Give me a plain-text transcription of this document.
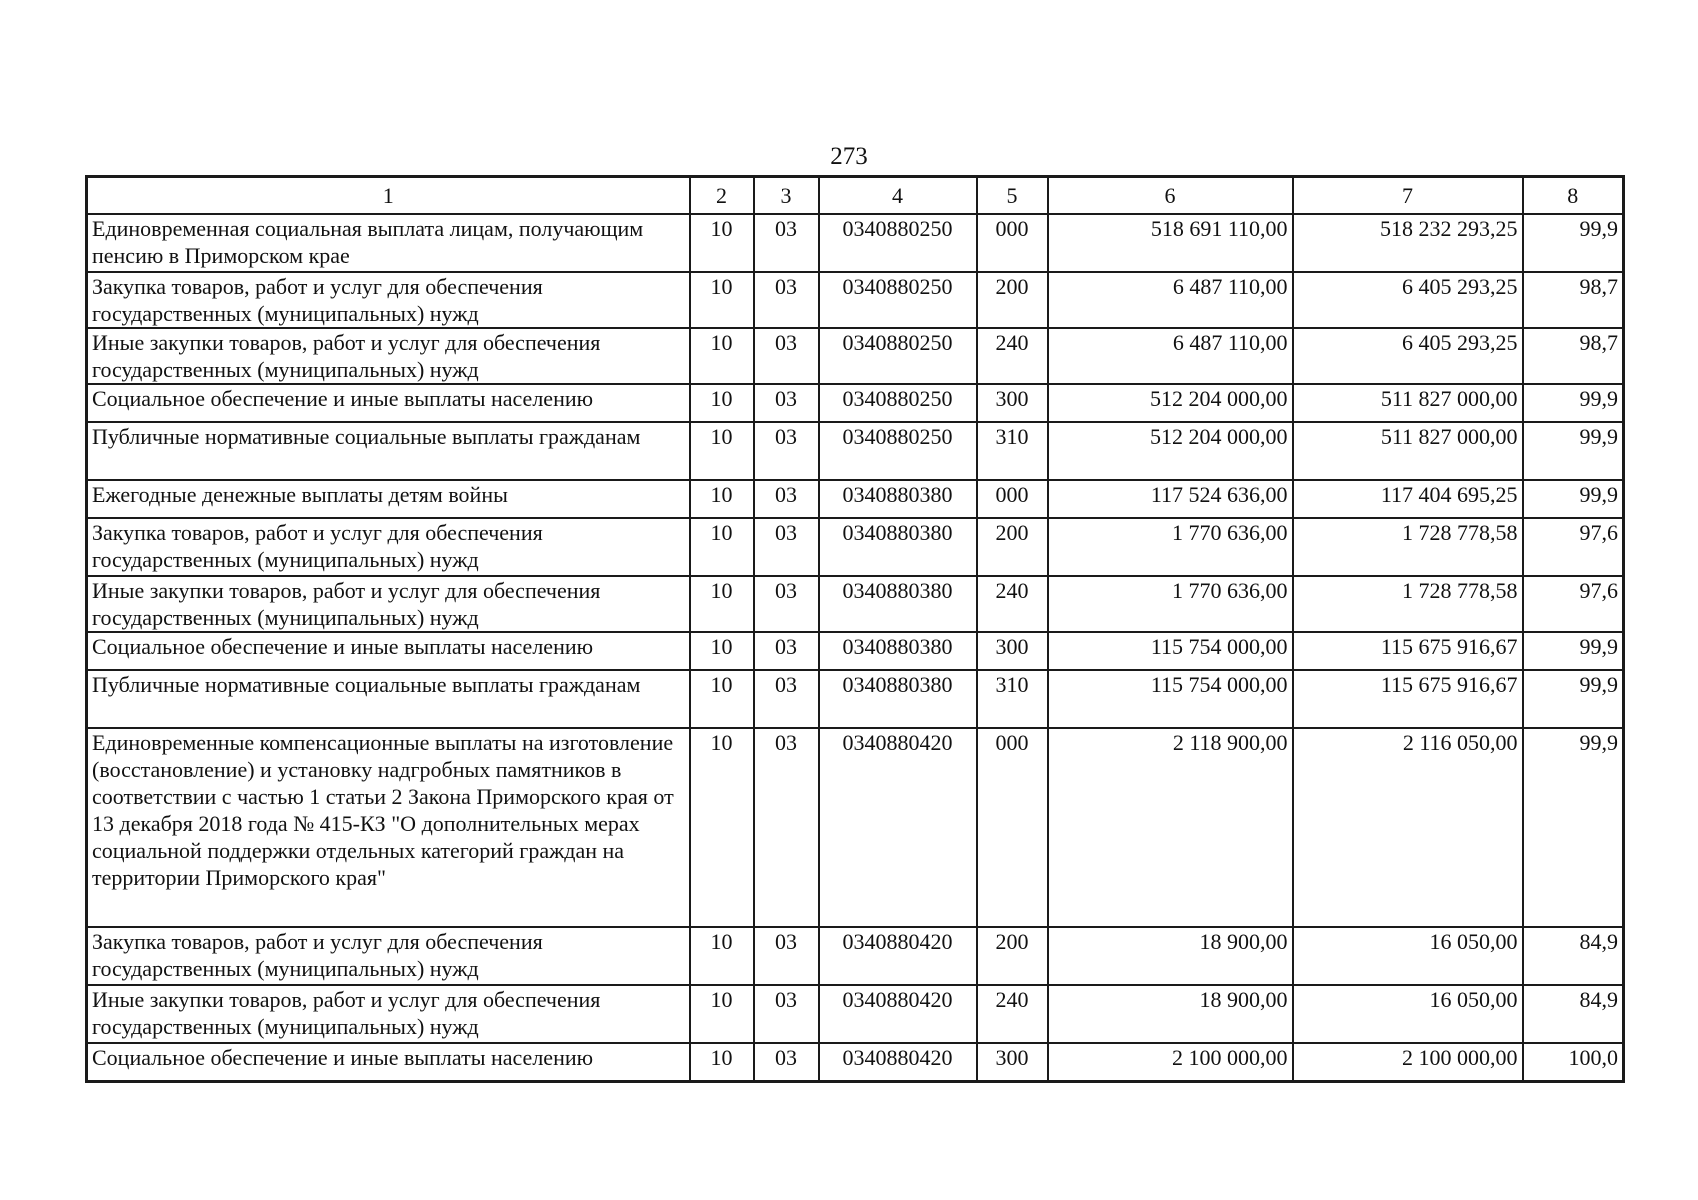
273
1	2	3	4	5	6	7	8
Единовременная социальная выплата лицам, получающим пенсию в Приморском крае	10	03	0340880250	000	518 691 110,00	518 232 293,25	99,9
Закупка товаров, работ и услуг для обеспечения государственных (муниципальных) нужд	10	03	0340880250	200	6 487 110,00	6 405 293,25	98,7
Иные закупки товаров, работ и услуг для обеспечения государственных (муниципальных) нужд	10	03	0340880250	240	6 487 110,00	6 405 293,25	98,7
Социальное обеспечение и иные выплаты населению	10	03	0340880250	300	512 204 000,00	511 827 000,00	99,9
Публичные нормативные социальные выплаты гражданам	10	03	0340880250	310	512 204 000,00	511 827 000,00	99,9
Ежегодные денежные выплаты детям войны	10	03	0340880380	000	117 524 636,00	117 404 695,25	99,9
Закупка товаров, работ и услуг для обеспечения государственных (муниципальных) нужд	10	03	0340880380	200	1 770 636,00	1 728 778,58	97,6
Иные закупки товаров, работ и услуг для обеспечения государственных (муниципальных) нужд	10	03	0340880380	240	1 770 636,00	1 728 778,58	97,6
Социальное обеспечение и иные выплаты населению	10	03	0340880380	300	115 754 000,00	115 675 916,67	99,9
Публичные нормативные социальные выплаты гражданам	10	03	0340880380	310	115 754 000,00	115 675 916,67	99,9
Единовременные компенсационные выплаты на изготовление (восстановление) и установку надгробных памятников в соответствии с частью 1 статьи 2 Закона Приморского края от 13 декабря 2018 года № 415-КЗ "О дополнительных мерах социальной поддержки отдельных категорий граждан на территории Приморского края"	10	03	0340880420	000	2 118 900,00	2 116 050,00	99,9
Закупка товаров, работ и услуг для обеспечения государственных (муниципальных) нужд	10	03	0340880420	200	18 900,00	16 050,00	84,9
Иные закупки товаров, работ и услуг для обеспечения государственных (муниципальных) нужд	10	03	0340880420	240	18 900,00	16 050,00	84,9
Социальное обеспечение и иные выплаты населению	10	03	0340880420	300	2 100 000,00	2 100 000,00	100,0
